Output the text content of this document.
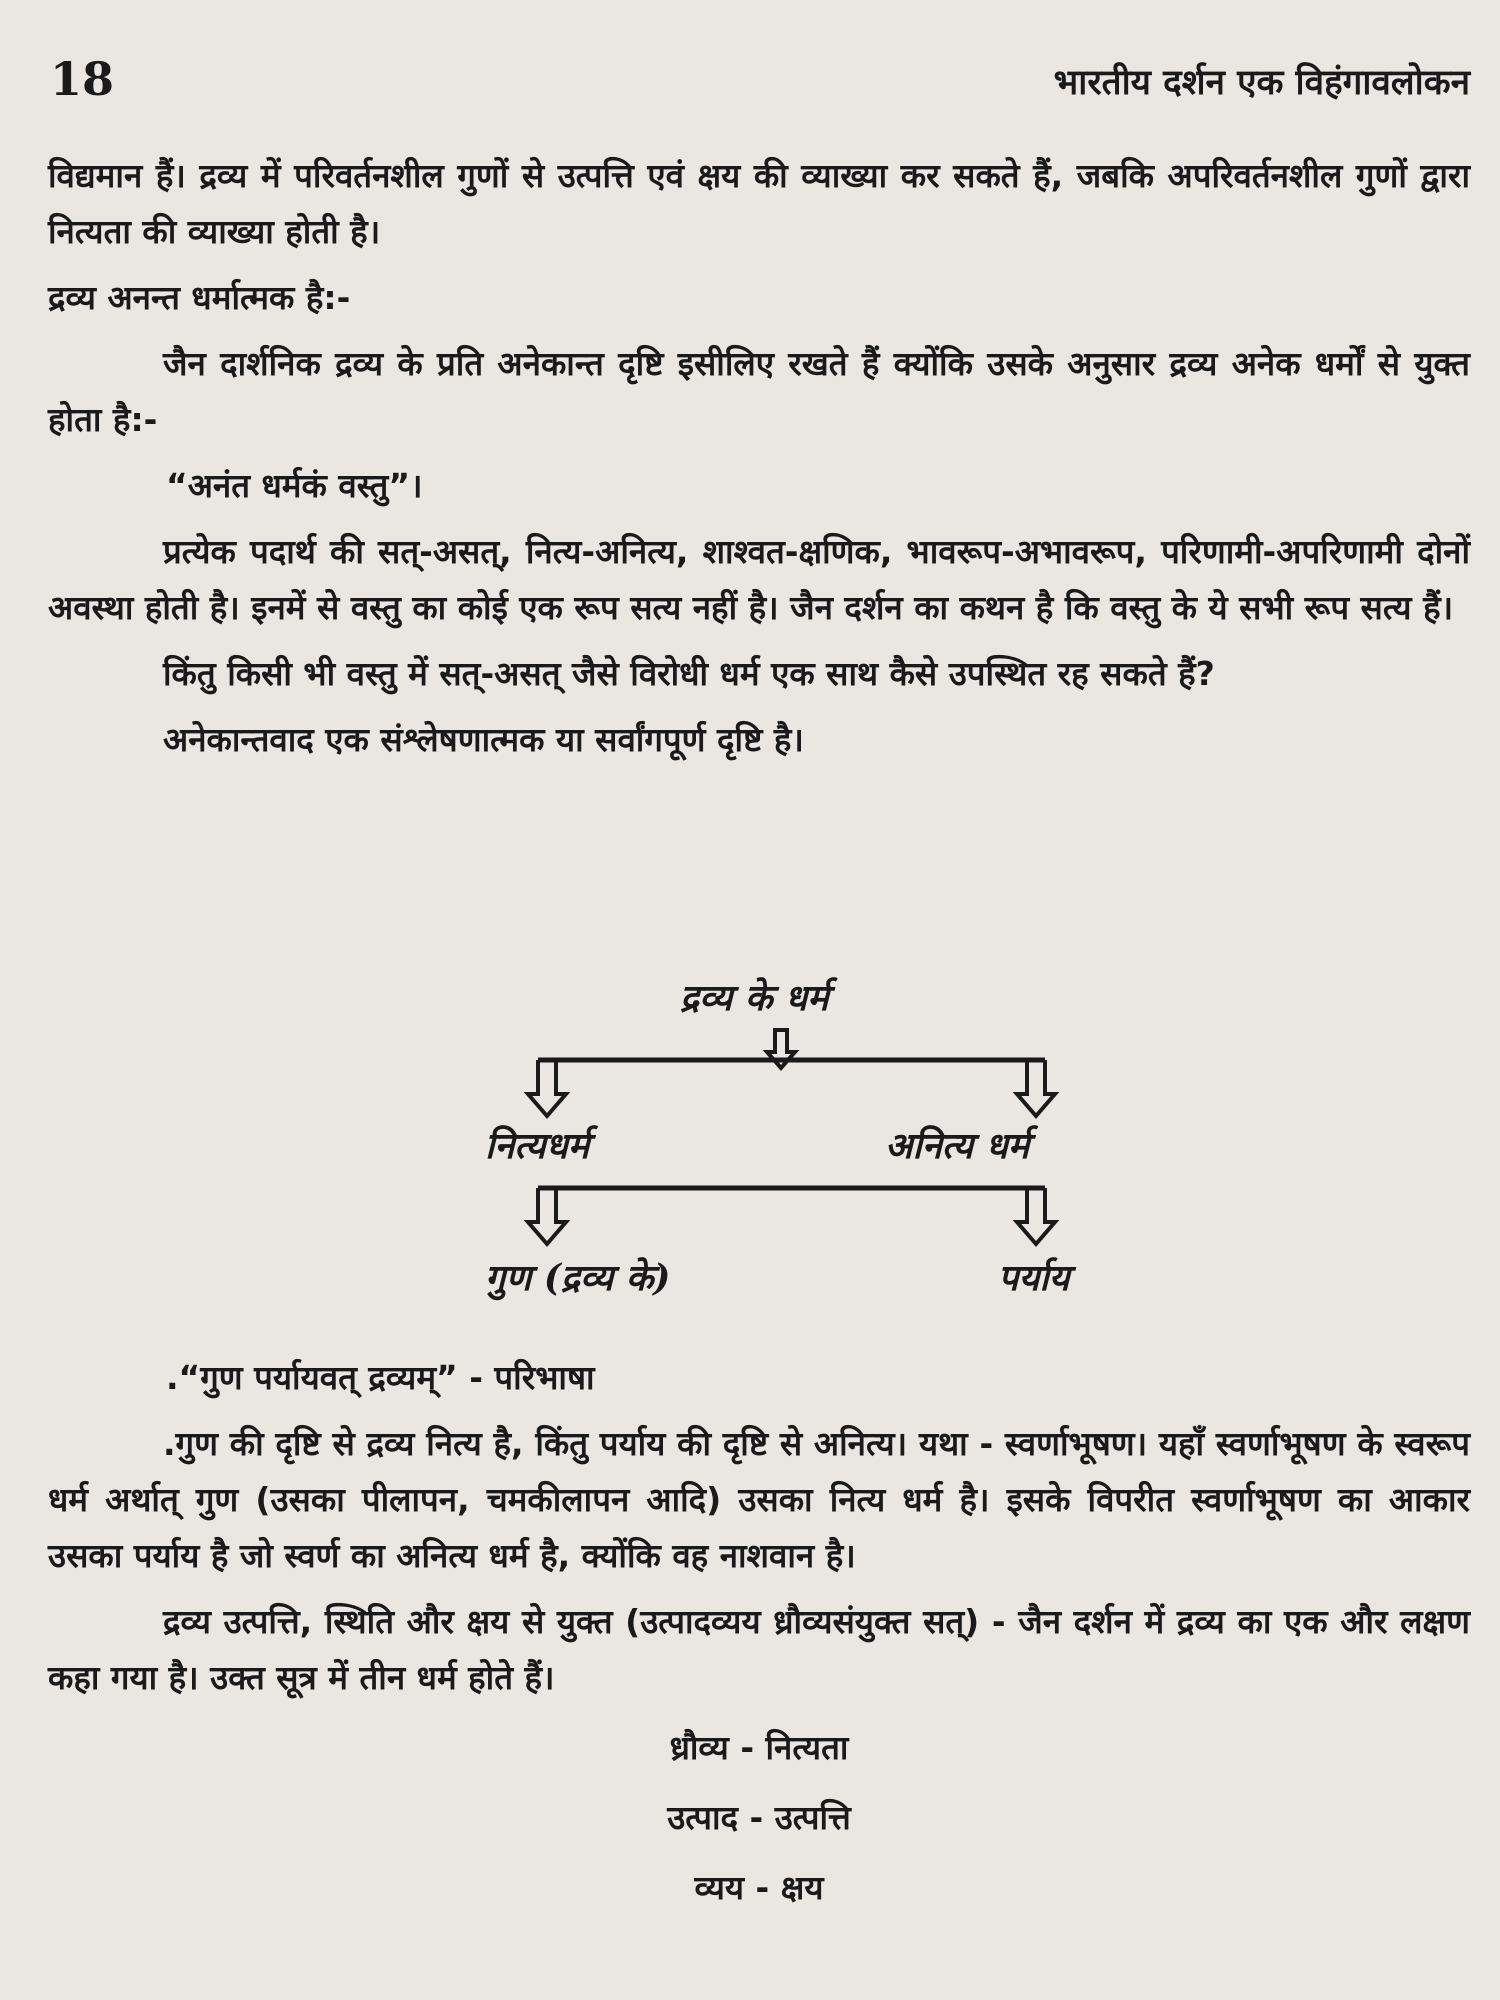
18	भारतीय दर्शन एक विहंगावलोकन

विद्यमान हैं। द्रव्य में परिवर्तनशील गुणों से उत्पत्ति एवं क्षय की व्याख्या कर सकते हैं, जबकि अपरिवर्तनशील गुणों द्वारा नित्यता की व्याख्या होती है।

द्रव्य अनन्त धर्मात्मक है:-

जैन दार्शनिक द्रव्य के प्रति अनेकान्त दृष्टि इसीलिए रखते हैं क्योंकि उसके अनुसार द्रव्य अनेक धर्मों से युक्त होता है:-

“अनंत धर्मकं वस्तु”।

प्रत्येक पदार्थ की सत्-असत्, नित्य-अनित्य, शाश्वत-क्षणिक, भावरूप-अभावरूप, परिणामी-अपरिणामी दोनों अवस्था होती है। इनमें से वस्तु का कोई एक रूप सत्य नहीं है। जैन दर्शन का कथन है कि वस्तु के ये सभी रूप सत्य हैं।

किंतु किसी भी वस्तु में सत्-असत् जैसे विरोधी धर्म एक साथ कैसे उपस्थित रह सकते हैं?

अनेकान्तवाद एक संश्लेषणात्मक या सर्वांगपूर्ण दृष्टि है।

द्रव्य के धर्म
नित्यधर्म	अनित्य धर्म
गुण (द्रव्य के)	पर्याय

.“गुण पर्यायवत् द्रव्यम्” - परिभाषा

.गुण की दृष्टि से द्रव्य नित्य है, किंतु पर्याय की दृष्टि से अनित्य। यथा - स्वर्णाभूषण। यहाँ स्वर्णाभूषण के स्वरूप धर्म अर्थात् गुण (उसका पीलापन, चमकीलापन आदि) उसका नित्य धर्म है। इसके विपरीत स्वर्णाभूषण का आकार उसका पर्याय है जो स्वर्ण का अनित्य धर्म है, क्योंकि वह नाशवान है।

द्रव्य उत्पत्ति, स्थिति और क्षय से युक्त (उत्पादव्यय ध्रौव्यसंयुक्त सत्) - जैन दर्शन में द्रव्य का एक और लक्षण कहा गया है। उक्त सूत्र में तीन धर्म होते हैं।

ध्रौव्य - नित्यता

उत्पाद - उत्पत्ति

व्यय - क्षय
